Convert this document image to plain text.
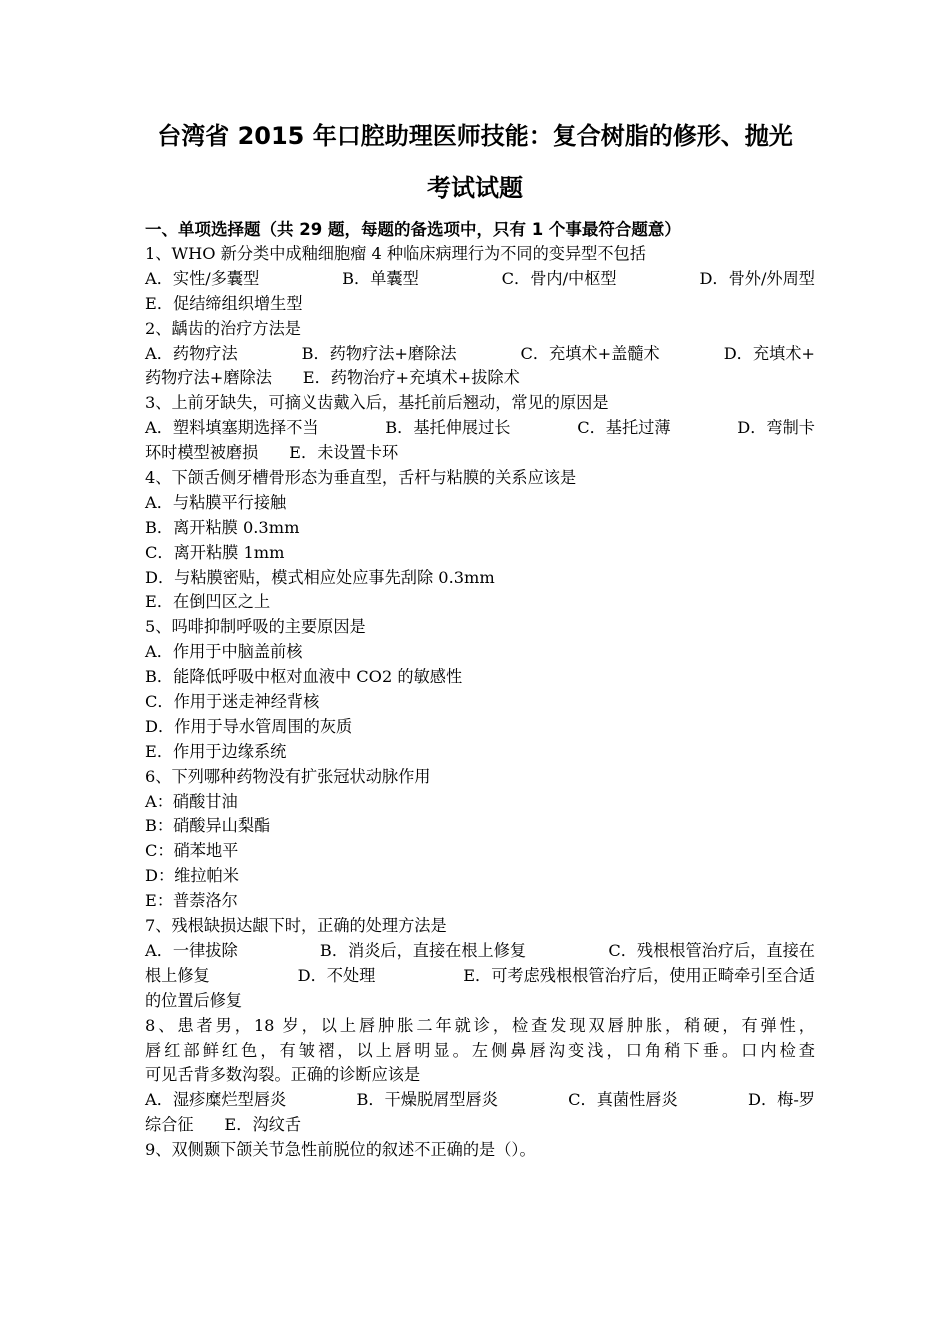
台湾省 2015 年口腔助理医师技能：复合树脂的修形、抛光
考试试题
一、单项选择题（共 29 题，每题的备选项中，只有 1 个事最符合题意）
1、WHO 新分类中成釉细胞瘤 4 种临床病理行为不同的变异型不包括
A．实性/多囊型	B．单囊型	C．骨内/中枢型	D．骨外/外周型
E．促结缔组织增生型
2、龋齿的治疗方法是
A．药物疗法	B．药物疗法+磨除法	C．充填术+盖髓术	D．充填术+
药物疗法+磨除法      E．药物治疗+充填术+拔除术
3、上前牙缺失，可摘义齿戴入后，基托前后翘动，常见的原因是
A．塑料填塞期选择不当	B．基托伸展过长	C．基托过薄	D．弯制卡
环时模型被磨损      E．未设置卡环
4、下颌舌侧牙槽骨形态为垂直型，舌杆与粘膜的关系应该是
A．与粘膜平行接触
B．离开粘膜 0.3mm
C．离开粘膜 1mm
D．与粘膜密贴，模式相应处应事先刮除 0.3mm
E．在倒凹区之上
5、吗啡抑制呼吸的主要原因是
A．作用于中脑盖前核
B．能降低呼吸中枢对血液中 CO2 的敏感性
C．作用于迷走神经背核
D．作用于导水管周围的灰质
E．作用于边缘系统
6、下列哪种药物没有扩张冠状动脉作用
A：硝酸甘油
B：硝酸异山梨酯
C：硝苯地平
D：维拉帕米
E：普萘洛尔
7、残根缺损达龈下时，正确的处理方法是
A．一律拔除	B．消炎后，直接在根上修复	C．残根根管治疗后，直接在
根上修复	D．不处理	E．可考虑残根根管治疗后，使用正畸牵引至合适
的位置后修复
8、患者男，18 岁，以上唇肿胀二年就诊，检查发现双唇肿胀，稍硬，有弹性，
唇红部鲜红色，有皱褶，以上唇明显。左侧鼻唇沟变浅，口角稍下垂。口内检查
可见舌背多数沟裂。正确的诊断应该是
A．湿疹糜烂型唇炎	B．干燥脱屑型唇炎	C．真菌性唇炎	D．梅-罗
综合征      E．沟纹舌
9、双侧颞下颌关节急性前脱位的叙述不正确的是（）。
